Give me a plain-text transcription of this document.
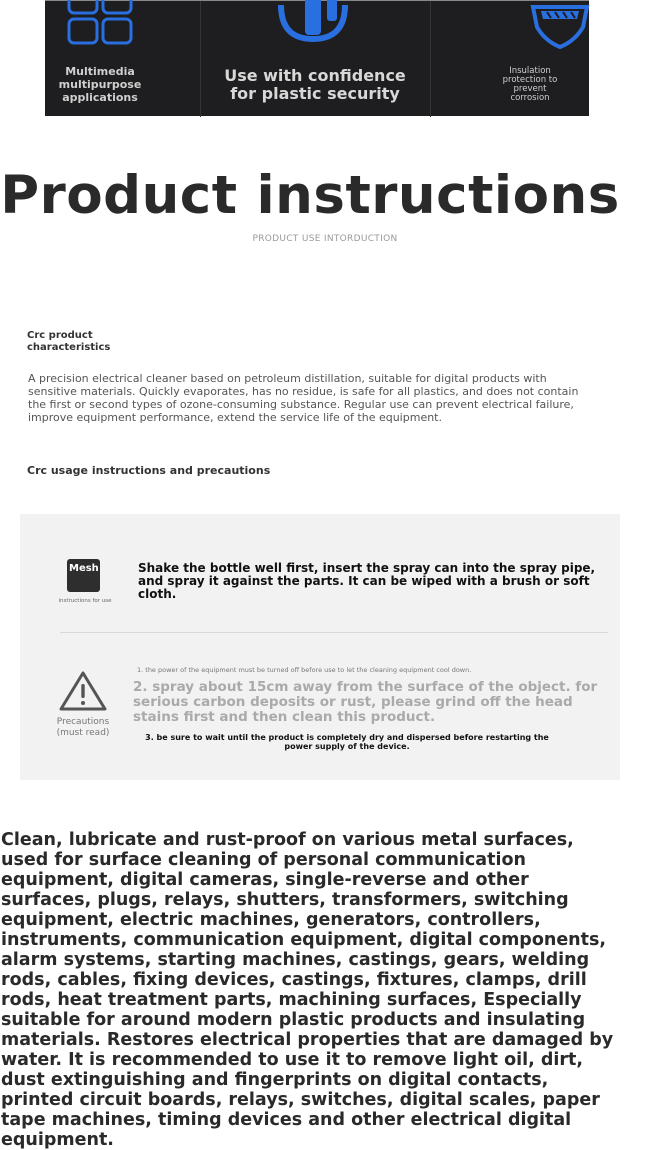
Multimedia multipurpose applications
Use with confidence for plastic security
Insulation protection to prevent corrosion
Product instructions
PRODUCT USE INTORDUCTION
Crc product characteristics
A precision electrical cleaner based on petroleum distillation, suitable for digital products with sensitive materials. Quickly evaporates, has no residue, is safe for all plastics, and does not contain the first or second types of ozone-consuming substance. Regular use can prevent electrical failure, improve equipment performance, extend the service life of the equipment.
Crc usage instructions and precautions
Mesh
instructions for use
Shake the bottle well first, insert the spray can into the spray pipe, and spray it against the parts. It can be wiped with a brush or soft cloth.
Precautions (must read)
1. the power of the equipment must be turned off before use to let the cleaning equipment cool down.
2. spray about 15cm away from the surface of the object. for serious carbon deposits or rust, please grind off the head stains first and then clean this product.
3. be sure to wait until the product is completely dry and dispersed before restarting the power supply of the device.
Clean, lubricate and rust-proof on various metal surfaces, used for surface cleaning of personal communication equipment, digital cameras, single-reverse and other surfaces, plugs, relays, shutters, transformers, switching equipment, electric machines, generators, controllers, instruments, communication equipment, digital components, alarm systems, starting machines, castings, gears, welding rods, cables, fixing devices, castings, fixtures, clamps, drill rods, heat treatment parts, machining surfaces, Especially suitable for around modern plastic products and insulating materials. Restores electrical properties that are damaged by water. It is recommended to use it to remove light oil, dirt, dust extinguishing and fingerprints on digital contacts, printed circuit boards, relays, switches, digital scales, paper tape machines, timing devices and other electrical digital equipment.
